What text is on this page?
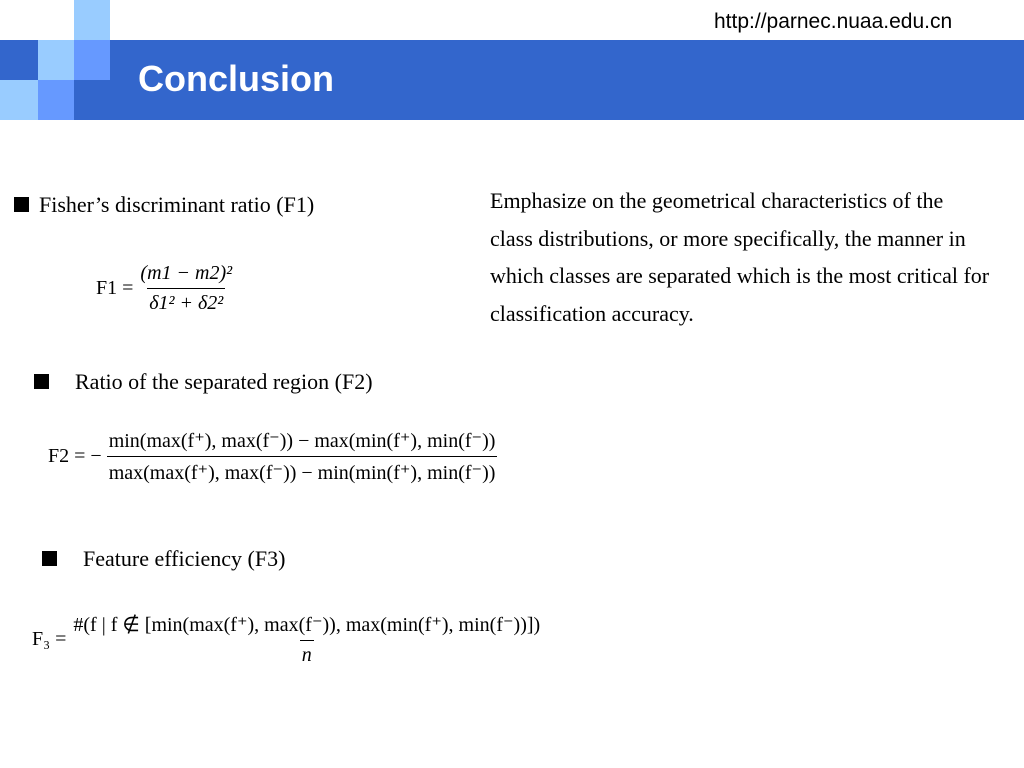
Conclusion
http://parnec.nuaa.edu.cn
Fisher’s discriminant ratio (F1)
Ratio of the separated region (F2)
Feature efficiency (F3)
Emphasize on the geometrical characteristics of the class distributions, or more specifically, the manner in which classes are separated which is the most critical for classification accuracy.
$F1 = \frac{\text{(m1 − m2)²}}{\text{δ1² + δ2²}}$
F2 = − $\frac{\min(\max(f^+), \max(f^-)) - \max(\min(f^+), \min(f^-))}{\max(\max(f^+), \max(f^-)) - \min(\min(f^+), \min(f^-))}$
$F_3 = \frac{\#(f | f \notin [\min(\max(f^+), \max(f^-)), \max(\min(f^+), \min(f^-))])}{n}$
